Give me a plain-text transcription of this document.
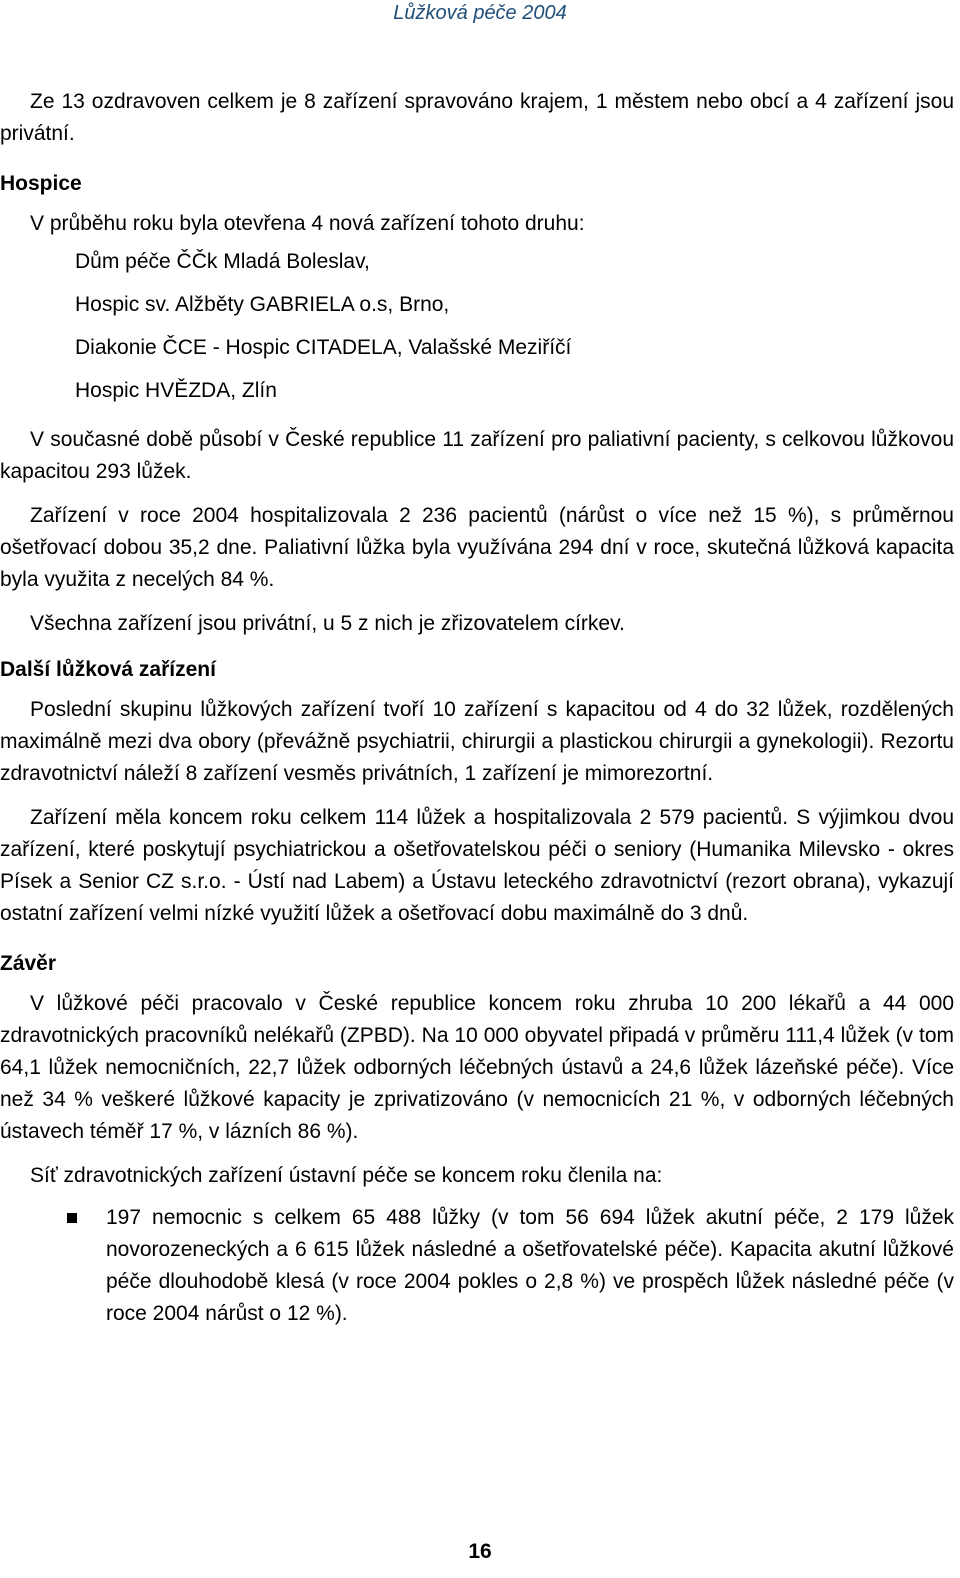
Lůžková péče 2004

Ze 13 ozdravoven celkem je 8 zařízení spravováno krajem, 1 městem nebo obcí a 4 zařízení jsou privátní.

Hospice

V průběhu roku byla otevřena 4 nová zařízení tohoto druhu:

Dům péče ČČk Mladá Boleslav,
Hospic sv. Alžběty GABRIELA o.s, Brno,
Diakonie ČCE - Hospic CITADELA, Valašské Meziříčí
Hospic HVĚZDA, Zlín

V současné době působí v České republice 11 zařízení pro paliativní pacienty, s celkovou lůžkovou kapacitou 293 lůžek.

Zařízení v roce 2004 hospitalizovala 2 236 pacientů (nárůst o více než 15 %), s průměrnou ošetřovací dobou 35,2 dne. Paliativní lůžka byla využívána 294 dní v roce, skutečná lůžková kapacita byla využita z necelých 84 %.

Všechna zařízení jsou privátní, u 5 z nich je zřizovatelem církev.

Další lůžková zařízení

Poslední skupinu lůžkových zařízení tvoří 10 zařízení s kapacitou od 4 do 32 lůžek, rozdělených maximálně mezi dva obory (převážně psychiatrii, chirurgii a plastickou chirurgii a gynekologii). Rezortu zdravotnictví náleží 8 zařízení vesměs privátních, 1 zařízení je mimorezortní.

Zařízení měla koncem roku celkem 114 lůžek a hospitalizovala 2 579 pacientů. S výjimkou dvou zařízení, které poskytují psychiatrickou a ošetřovatelskou péči o seniory (Humanika Milevsko - okres Písek a Senior CZ s.r.o. - Ústí nad Labem) a Ústavu leteckého zdravotnictví (rezort obrana), vykazují ostatní zařízení velmi nízké využití lůžek a ošetřovací dobu maximálně do 3 dnů.

Závěr

V lůžkové péči pracovalo v České republice koncem roku zhruba 10 200 lékařů a 44 000 zdravotnických pracovníků nelékařů (ZPBD). Na 10 000 obyvatel připadá v průměru 111,4 lůžek (v tom 64,1 lůžek nemocničních, 22,7 lůžek odborných léčebných ústavů a 24,6 lůžek lázeňské péče). Více než 34 % veškeré lůžkové kapacity je zprivatizováno (v nemocnicích 21 %, v odborných léčebných ústavech téměř 17 %, v lázních 86 %).

Síť zdravotnických zařízení ústavní péče se koncem roku členila na:

197 nemocnic s celkem 65 488 lůžky (v tom 56 694 lůžek akutní péče, 2 179 lůžek novorozeneckých a 6 615 lůžek následné a ošetřovatelské péče). Kapacita akutní lůžkové péče dlouhodobě klesá (v roce 2004 pokles o 2,8 %) ve prospěch lůžek následné péče (v roce 2004 nárůst o 12 %).
16
